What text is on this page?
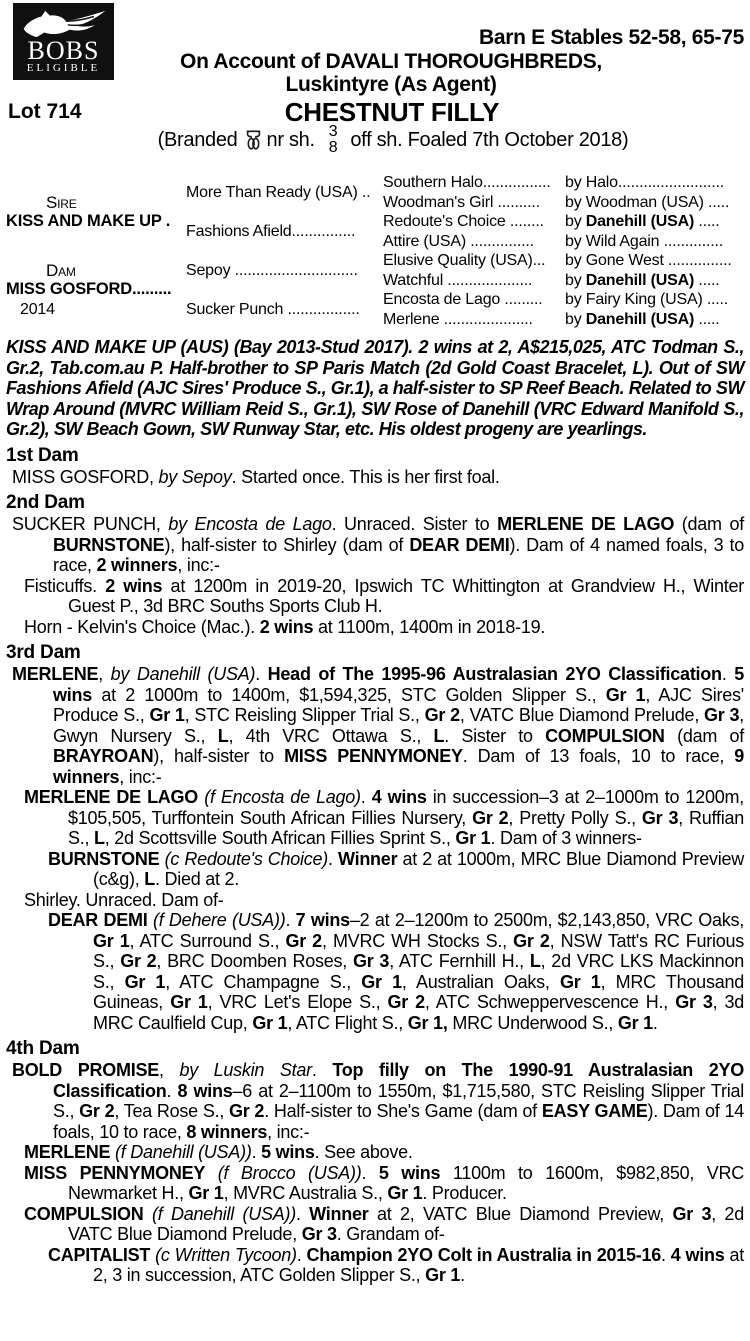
BOBS
ELIGIBLE
Barn E Stables 52-58, 65-75
On Account of DAVALI THOROUGHBREDS,
Luskintyre (As Agent)
Lot 714	CHESTNUT FILLY
(Branded nr sh. 3
8 off sh. Foaled 7th October 2018)
Sire
KISS AND MAKE UP .
Dam
MISS GOSFORD.........
2014
More Than Ready (USA) ..
Fashions Afield...............
Sepoy .............................
Sucker Punch .................
Southern Halo................
Woodman's Girl ..........
Redoute's Choice ........
Attire (USA) ...............
Elusive Quality (USA)...
Watchful ....................
Encosta de Lago .........
Merlene .....................
by Halo.........................
by Woodman (USA) .....
by Danehill (USA) .....
by Wild Again ..............
by Gone West ...............
by Danehill (USA) .....
by Fairy King (USA) .....
by Danehill (USA) .....

KISS AND MAKE UP (AUS) (Bay 2013-Stud 2017). 2 wins at 2, A$215,025, ATC Todman S., Gr.2, Tab.com.au P. Half-brother to SP Paris Match (2d Gold Coast Bracelet, L). Out of SW Fashions Afield (AJC Sires' Produce S., Gr.1), a half-sister to SP Reef Beach. Related to SW Wrap Around (MVRC William Reid S., Gr.1), SW Rose of Danehill (VRC Edward Manifold S., Gr.2), SW Beach Gown, SW Runway Star, etc. His oldest progeny are yearlings.

1st Dam

MISS GOSFORD, by Sepoy. Started once. This is her first foal.

2nd Dam

SUCKER PUNCH, by Encosta de Lago. Unraced. Sister to MERLENE DE LAGO (dam of BURNSTONE), half-sister to Shirley (dam of DEAR DEMI). Dam of 4 named foals, 3 to race, 2 winners, inc:-

Fisticuffs. 2 wins at 1200m in 2019-20, Ipswich TC Whittington at Grandview H., Winter Guest P., 3d BRC Souths Sports Club H.

Horn - Kelvin's Choice (Mac.). 2 wins at 1100m, 1400m in 2018-19.

3rd Dam

MERLENE, by Danehill (USA). Head of The 1995-96 Australasian 2YO Classification. 5 wins at 2 1000m to 1400m, $1,594,325, STC Golden Slipper S., Gr 1, AJC Sires' Produce S., Gr 1, STC Reisling Slipper Trial S., Gr 2, VATC Blue Diamond Prelude, Gr 3, Gwyn Nursery S., L, 4th VRC Ottawa S., L. Sister to COMPULSION (dam of BRAYROAN), half-sister to MISS PENNYMONEY. Dam of 13 foals, 10 to race, 9 winners, inc:-

MERLENE DE LAGO (f Encosta de Lago). 4 wins in succession–3 at 2–1000m to 1200m, $105,505, Turffontein South African Fillies Nursery, Gr 2, Pretty Polly S., Gr 3, Ruffian S., L, 2d Scottsville South African Fillies Sprint S., Gr 1. Dam of 3 winners-

BURNSTONE (c Redoute's Choice). Winner at 2 at 1000m, MRC Blue Diamond Preview (c&g), L. Died at 2.

Shirley. Unraced. Dam of-

DEAR DEMI (f Dehere (USA)). 7 wins–2 at 2–1200m to 2500m, $2,143,850, VRC Oaks, Gr 1, ATC Surround S., Gr 2, MVRC WH Stocks S., Gr 2, NSW Tatt's RC Furious S., Gr 2, BRC Doomben Roses, Gr 3, ATC Fernhill H., L, 2d VRC LKS Mackinnon S., Gr 1, ATC Champagne S., Gr 1, Australian Oaks, Gr 1, MRC Thousand Guineas, Gr 1, VRC Let's Elope S., Gr 2, ATC Schweppervescence H., Gr 3, 3d MRC Caulfield Cup, Gr 1, ATC Flight S., Gr 1, MRC Underwood S., Gr 1.

4th Dam

BOLD PROMISE, by Luskin Star. Top filly on The 1990-91 Australasian 2YO Classification. 8 wins–6 at 2–1100m to 1550m, $1,715,580, STC Reisling Slipper Trial S., Gr 2, Tea Rose S., Gr 2. Half-sister to She's Game (dam of EASY GAME). Dam of 14 foals, 10 to race, 8 winners, inc:-

MERLENE (f Danehill (USA)). 5 wins. See above.

MISS PENNYMONEY (f Brocco (USA)). 5 wins 1100m to 1600m, $982,850, VRC Newmarket H., Gr 1, MVRC Australia S., Gr 1. Producer.

COMPULSION (f Danehill (USA)). Winner at 2, VATC Blue Diamond Preview, Gr 3, 2d VATC Blue Diamond Prelude, Gr 3. Grandam of-

CAPITALIST (c Written Tycoon). Champion 2YO Colt in Australia in 2015-16. 4 wins at 2, 3 in succession, ATC Golden Slipper S., Gr 1.
